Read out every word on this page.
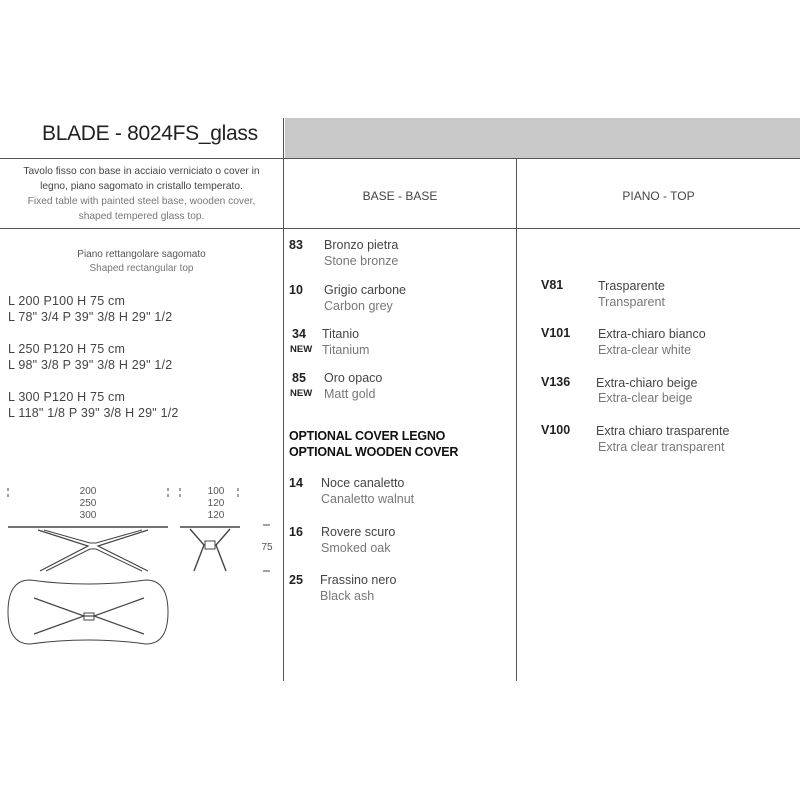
BLADE - 8024FS_glass
Tavolo fisso con base in acciaio verniciato o cover in
legno, piano sagomato in cristallo temperato.
Fixed table with painted steel base, wooden cover,
shaped tempered glass top.
BASE - BASE	PIANO - TOP
Piano rettangolare sagomato
Shaped rectangular top
L 200 P100 H 75 cm
L 78" 3/4 P 39" 3/8 H 29" 1/2
L 250 P120 H 75 cm
L 98" 3/8 P 39" 3/8 H 29" 1/2
L 300 P120 H 75 cm
L 118" 1/8 P 39" 3/8 H 29" 1/2
200
250
300
100
120
120
75
83 Bronzo pietra
Stone bronze
10 Grigio carbone
Carbon grey
34
NEW
Titanio
Titanium
85
NEW
Oro opaco
Matt gold
OPTIONAL COVER LEGNO
OPTIONAL WOODEN COVER
14 Noce canaletto
Canaletto walnut
16 Rovere scuro
Smoked oak
25 Frassino nero
Black ash
V81	Trasparente
Transparent
V101 Extra-chiaro bianco
Extra-clear white
V136 Extra-chiaro beige
Extra-clear beige
V100 Extra chiaro trasparente
Extra clear transparent
